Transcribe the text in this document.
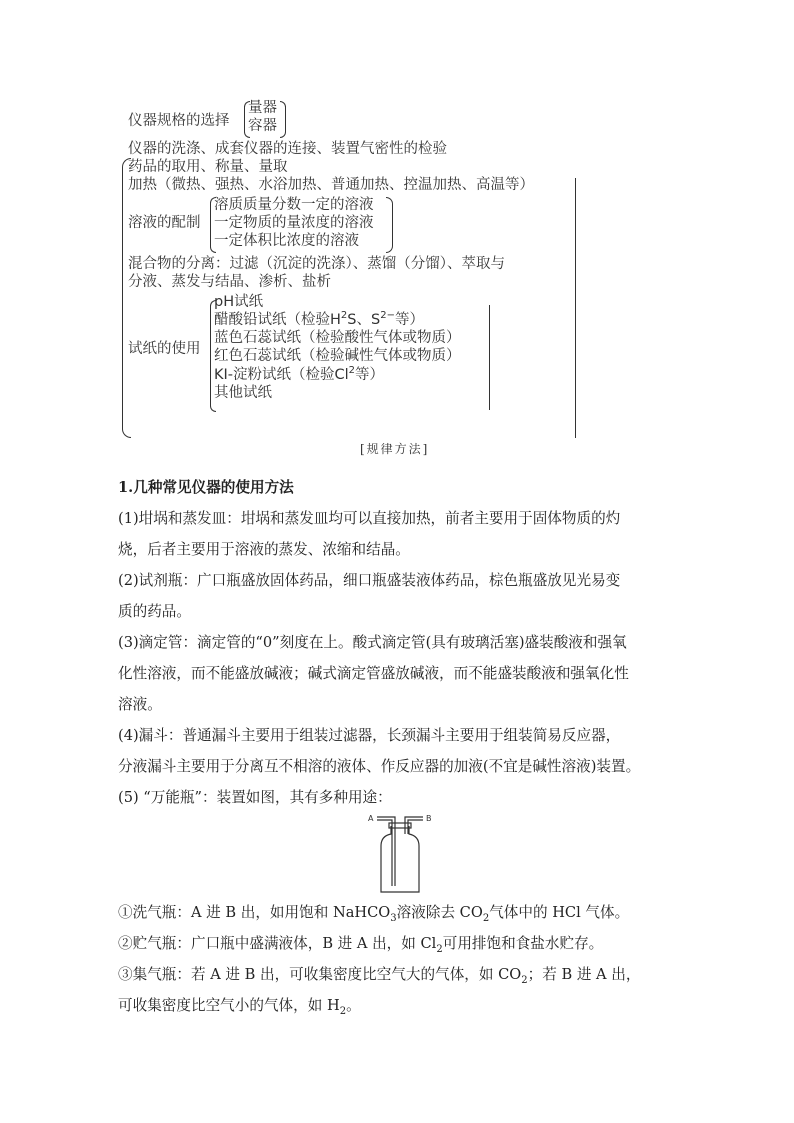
仪器规格的选择
量器
容器
仪器的洗涤、成套仪器的连接、装置气密性的检验
药品的取用、称量、量取
加热（微热、强热、水浴加热、普通加热、控温加热、高温等）
溶液的配制
溶质质量分数一定的溶液
一定物质的量浓度的溶液
一定体积比浓度的溶液
混合物的分离：过滤（沉淀的洗涤）、蒸馏（分馏）、萃取与
分液、蒸发与结晶、渗析、盐析
试纸的使用
pH试纸
醋酸铅试纸（检验$H^2S$、$S^{2-}$等）
蓝色石蕊试纸（检验酸性气体或物质）
红色石蕊试纸（检验碱性气体或物质）
KI-淀粉试纸（检验Cl$^2$等）
其他试纸
[规律方法]
1.几种常见仪器的使用方法
(1)坩埚和蒸发皿：坩埚和蒸发皿均可以直接加热，前者主要用于固体物质的灼
烧，后者主要用于溶液的蒸发、浓缩和结晶。
(2)试剂瓶：广口瓶盛放固体药品，细口瓶盛装液体药品，棕色瓶盛放见光易变
质的药品。
(3)滴定管：滴定管的“0”刻度在上。酸式滴定管(具有玻璃活塞)盛装酸液和强氧
化性溶液，而不能盛放碱液；碱式滴定管盛放碱液，而不能盛装酸液和强氧化性
溶液。
(4)漏斗：普通漏斗主要用于组装过滤器，长颈漏斗主要用于组装简易反应器，
分液漏斗主要用于分离互不相溶的液体、作反应器的加液(不宜是碱性溶液)装置。
(5) “万能瓶”：装置如图，其有多种用途：
A	B
①洗气瓶：A 进 B 出，如用饱和 NaHCO$_3$溶液除去 $CO_2$气体中的 HCl 气体。
②贮气瓶：广口瓶中盛满液体，B 进 A 出，如 $Cl_2$可用排饱和食盐水贮存。
③集气瓶：若 A 进 B 出，可收集密度比空气大的气体，如 $CO_2$；若 B 进 A 出，
可收集密度比空气小的气体，如 $H_2$。
